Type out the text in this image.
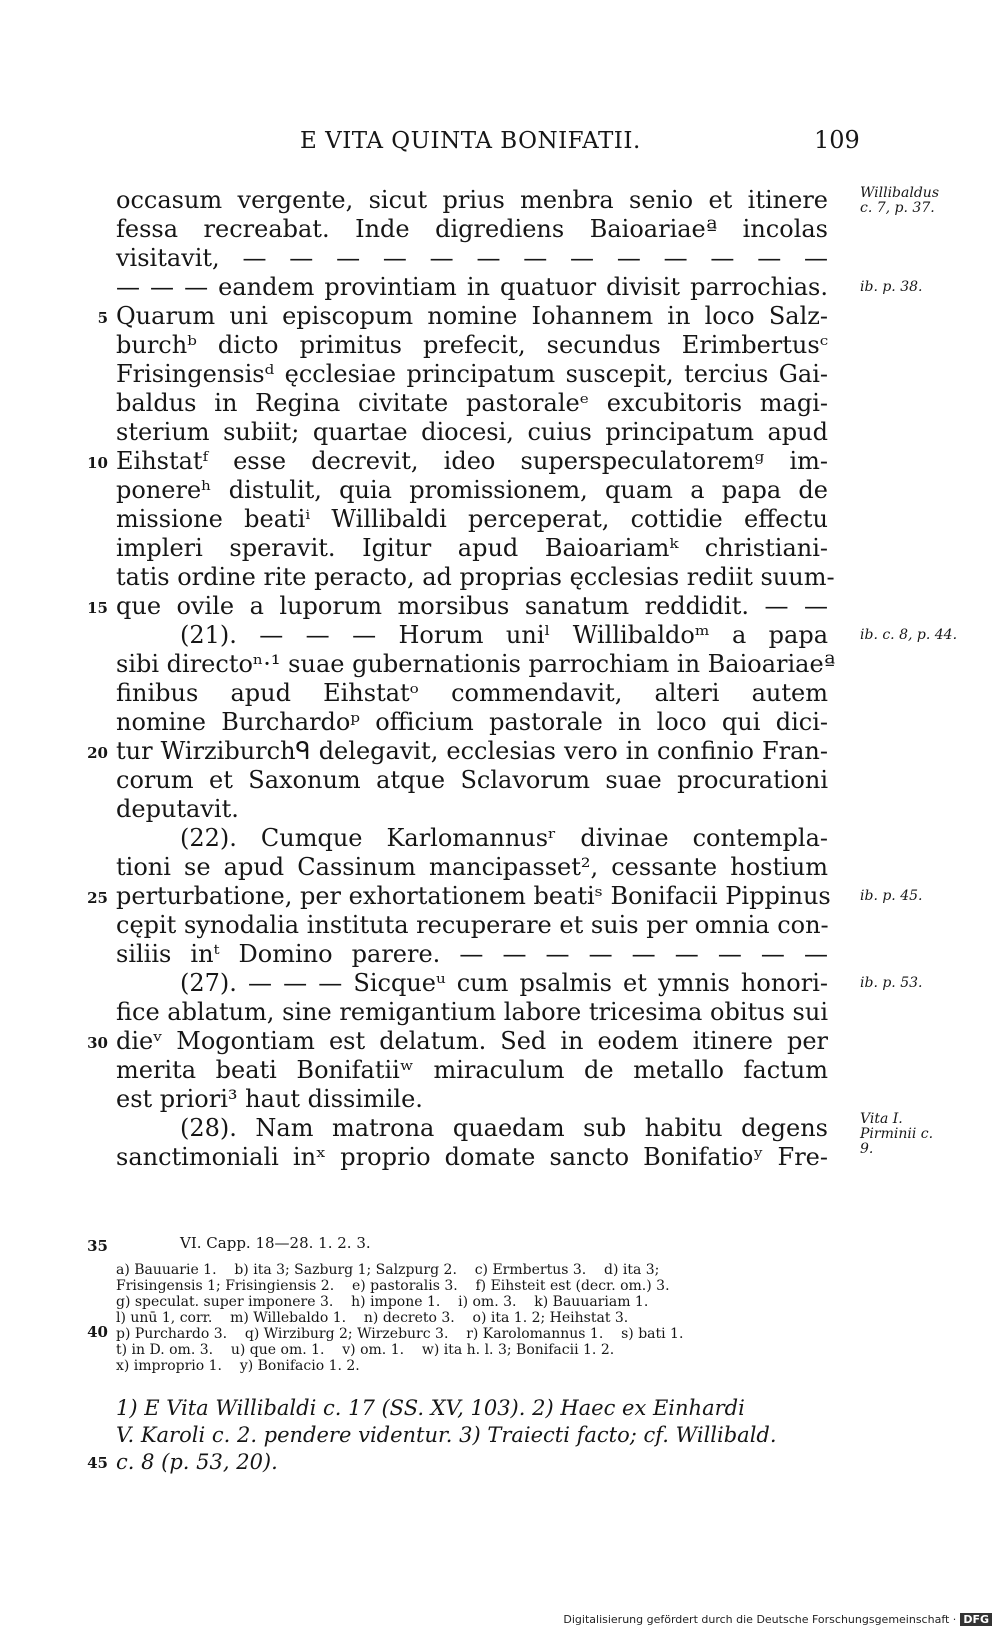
E VITA QUINTA BONIFATII.	109
occasum vergente, sicut prius menbra senio et itinere
fessa recreabat. Inde digrediens Baioariaeª incolas
visitavit, — — — — — — — — — — — — —
— — — eandem provintiam in quatuor divisit parrochias.
Quarum uni episcopum nomine Iohannem in loco Salz-
burchᵇ dicto primitus prefecit, secundus Erimbertusᶜ
Frisingensisᵈ ęcclesiae principatum suscepit, tercius Gai-
baldus in Regina civitate pastoraleᵉ excubitoris magi-
sterium subiit; quartae diocesi, cuius principatum apud
Eihstatᶠ esse decrevit, ideo superspeculatoremᵍ im-
ponereʰ distulit, quia promissionem, quam a papa de
missione beatiⁱ Willibaldi perceperat, cottidie effectu
impleri speravit. Igitur apud Baioariamᵏ christiani-
tatis ordine rite peracto, ad proprias ęcclesias rediit suum-
que ovile a luporum morsibus sanatum reddidit. — —
(21). — — — Horum uniˡ Willibaldoᵐ a papa
sibi directoⁿ·¹ suae gubernationis parrochiam in Baioariaeª
finibus apud Eihstatᵒ commendavit, alteri autem
nomine Burchardoᵖ officium pastorale in loco qui dici-
tur Wirziburchᑫ delegavit, ecclesias vero in confinio Fran-
corum et Saxonum atque Sclavorum suae procurationi
deputavit.
(22). Cumque Karlomannusʳ divinae contempla-
tioni se apud Cassinum mancipasset², cessante hostium
perturbatione, per exhortationem beatiˢ Bonifacii Pippinus
cępit synodalia instituta recuperare et suis per omnia con-
siliis inᵗ Domino parere. — — — — — — — — —
(27). — — — Sicqueᵘ cum psalmis et ymnis honori-
fice ablatum, sine remigantium labore tricesima obitus sui
dieᵛ Mogontiam est delatum. Sed in eodem itinere per
merita beati Bonifatiiʷ miraculum de metallo factum
est priori³ haut dissimile.
(28). Nam matrona quaedam sub habitu degens
sanctimoniali inˣ proprio domate sancto Bonifatioʸ Fre-
5
10
15
20
25
30
35
40
45
Willibaldus c. 7, p. 37.
ib. p. 38.
ib. c. 8, p. 44.
ib. p. 45.
ib. p. 53.
Vita I. Pirminii c. 9.
VI. Capp. 18—28. 1. 2. 3.
a) Bauuarie 1.    b) ita 3; Sazburg 1; Salzpurg 2.    c) Ermbertus 3.    d) ita 3;
Frisingensis 1; Frisingiensis 2.    e) pastoralis 3.    f) Eihsteit est (decr. om.) 3.
g) speculat. super imponere 3.    h) impone 1.    i) om. 3.    k) Bauuariam 1.
l) unū 1, corr.    m) Willebaldo 1.    n) decreto 3.    o) ita 1. 2; Heihstat 3.
p) Purchardo 3.    q) Wirziburg 2; Wirzeburc 3.    r) Karolomannus 1.    s) bati 1.
t) in D. om. 3.    u) que om. 1.    v) om. 1.    w) ita h. l. 3; Bonifacii 1. 2.
x) improprio 1.    y) Bonifacio 1. 2.
1) E Vita Willibaldi c. 17 (SS. XV, 103). 2) Haec ex Einhardi
V. Karoli c. 2. pendere videntur. 3) Traiecti facto; cf. Willibald.
c. 8 (p. 53, 20).
Digitalisierung gefördert durch die Deutsche Forschungsgemeinschaft · DFG
